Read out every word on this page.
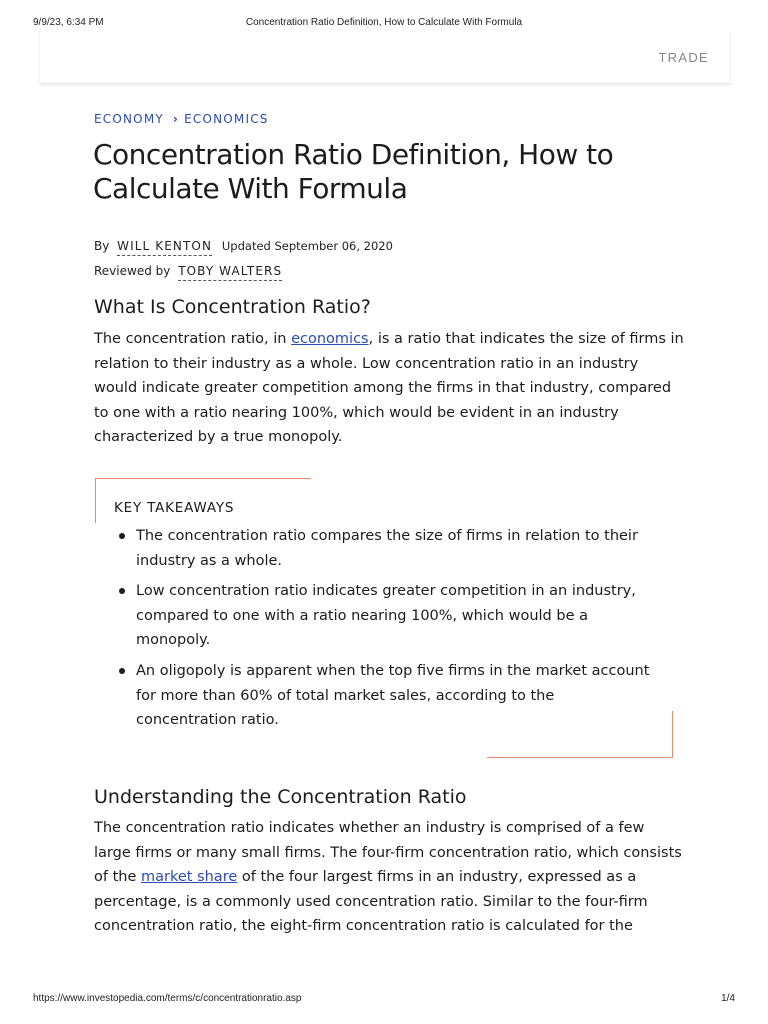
9/9/23, 6:34 PM	Concentration Ratio Definition, How to Calculate With Formula
TRADE
ECONOMY › ECONOMICS
Concentration Ratio Definition, How to Calculate With Formula
By WILL KENTON Updated September 06, 2020
Reviewed by TOBY WALTERS
What Is Concentration Ratio?

The concentration ratio, in economics, is a ratio that indicates the size of firms in relation to their industry as a whole. Low concentration ratio in an industry would indicate greater competition among the firms in that industry, compared to one with a ratio nearing 100%, which would be evident in an industry characterized by a true monopoly.

KEY TAKEAWAYS
The concentration ratio compares the size of firms in relation to their industry as a whole.
Low concentration ratio indicates greater competition in an industry, compared to one with a ratio nearing 100%, which would be a monopoly.
An oligopoly is apparent when the top five firms in the market account for more than 60% of total market sales, according to the concentration ratio.
Understanding the Concentration Ratio

The concentration ratio indicates whether an industry is comprised of a few large firms or many small firms. The four-firm concentration ratio, which consists of the market share of the four largest firms in an industry, expressed as a percentage, is a commonly used concentration ratio. Similar to the four-firm concentration ratio, the eight-firm concentration ratio is calculated for the

https://www.investopedia.com/terms/c/concentrationratio.asp	1/4
